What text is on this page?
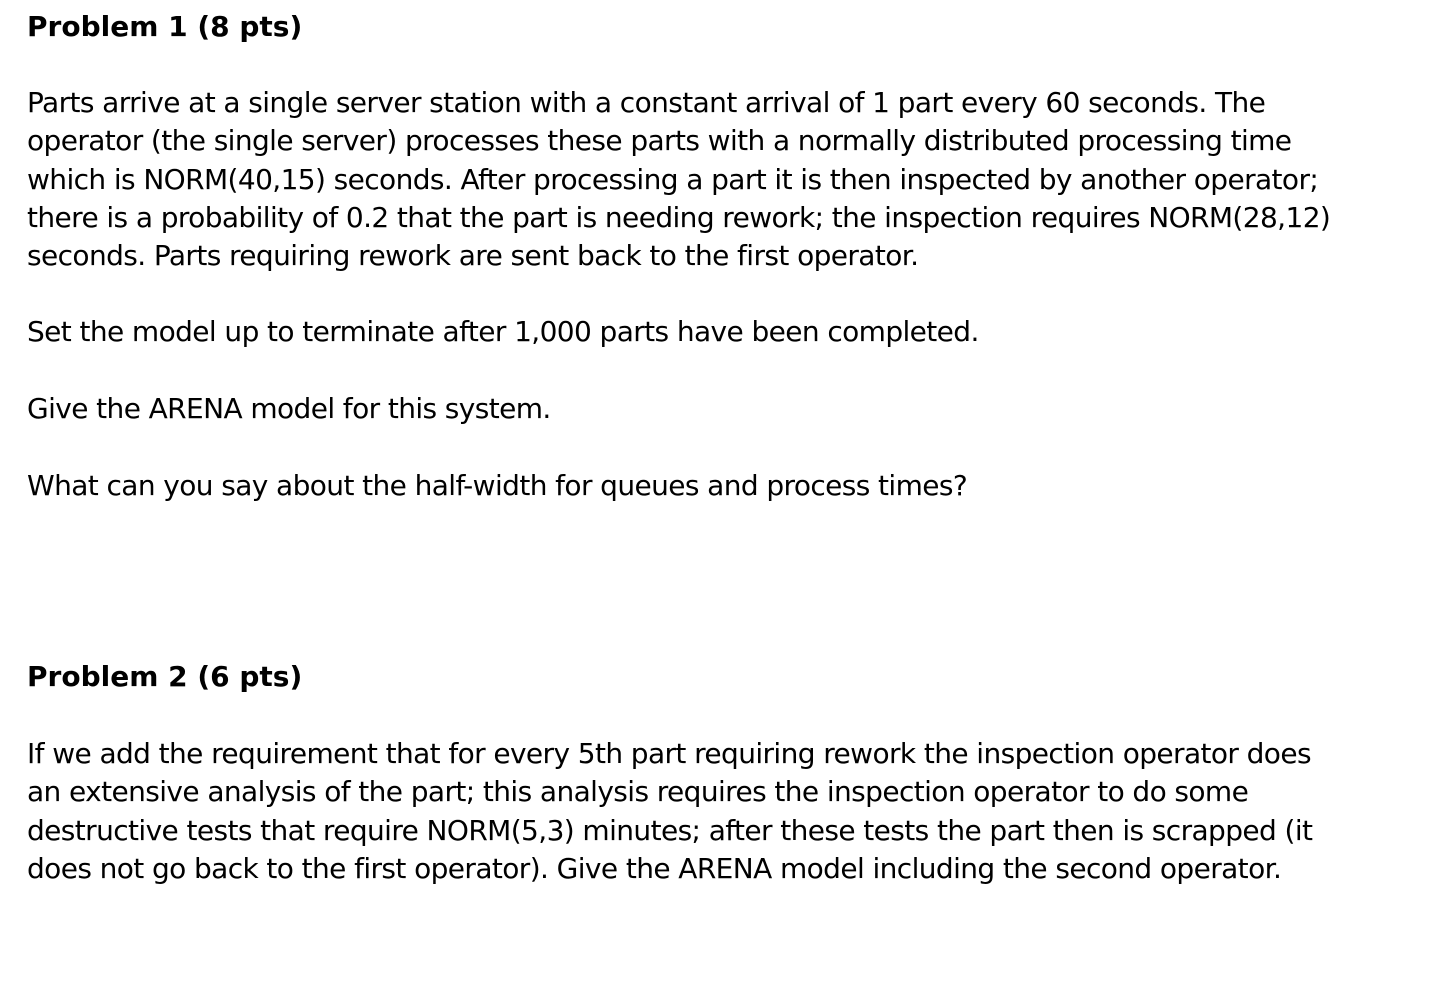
Problem 1 (8 pts)

Parts arrive at a single server station with a constant arrival of 1 part every 60 seconds. The
operator (the single server) processes these parts with a normally distributed processing time
which is NORM(40,15) seconds. After processing a part it is then inspected by another operator;
there is a probability of 0.2 that the part is needing rework; the inspection requires NORM(28,12)
seconds. Parts requiring rework are sent back to the first operator.

Set the model up to terminate after 1,000 parts have been completed.

Give the ARENA model for this system.

What can you say about the half-width for queues and process times?

Problem 2 (6 pts)

If we add the requirement that for every 5th part requiring rework the inspection operator does
an extensive analysis of the part; this analysis requires the inspection operator to do some
destructive tests that require NORM(5,3) minutes; after these tests the part then is scrapped (it
does not go back to the first operator). Give the ARENA model including the second operator.
